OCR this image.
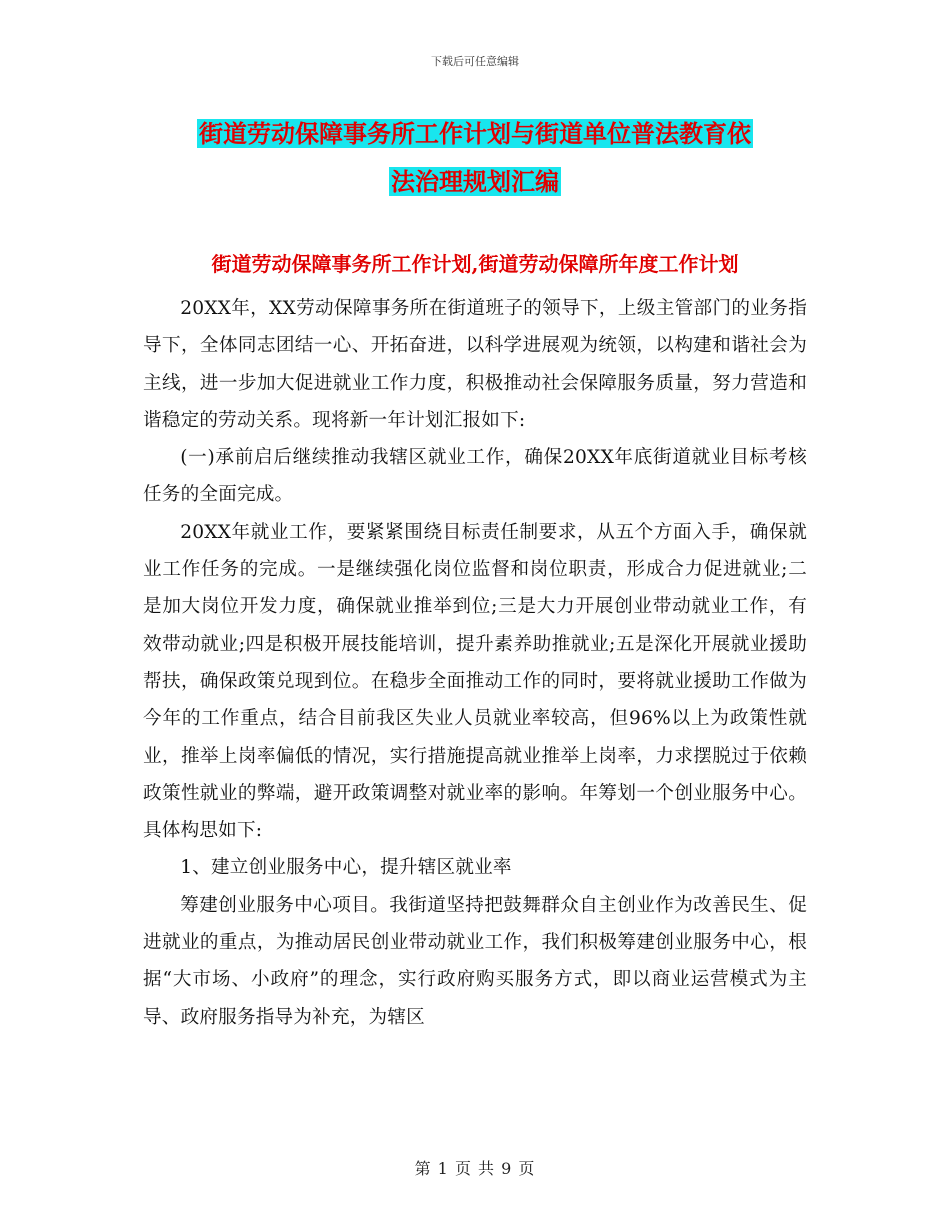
下载后可任意编辑
街道劳动保障事务所工作计划与街道单位普法教育依
法治理规划汇编
街道劳动保障事务所工作计划,街道劳动保障所年度工作计划

20XX年，XX劳动保障事务所在街道班子的领导下，上级主管部门的业务指导下，全体同志团结一心、开拓奋进，以科学进展观为统领，以构建和谐社会为主线，进一步加大促进就业工作力度，积极推动社会保障服务质量，努力营造和谐稳定的劳动关系。现将新一年计划汇报如下:

(一)承前启后继续推动我辖区就业工作，确保20XX年底街道就业目标考核任务的全面完成。

20XX年就业工作，要紧紧围绕目标责任制要求，从五个方面入手，确保就业工作任务的完成。一是继续强化岗位监督和岗位职责，形成合力促进就业;二是加大岗位开发力度，确保就业推举到位;三是大力开展创业带动就业工作，有效带动就业;四是积极开展技能培训，提升素养助推就业;五是深化开展就业援助帮扶，确保政策兑现到位。在稳步全面推动工作的同时，要将就业援助工作做为今年的工作重点，结合目前我区失业人员就业率较高，但96%以上为政策性就业，推举上岗率偏低的情况，实行措施提高就业推举上岗率，力求摆脱过于依赖政策性就业的弊端，避开政策调整对就业率的影响。年筹划一个创业服务中心。具体构思如下:

1、建立创业服务中心，提升辖区就业率

筹建创业服务中心项目。我街道坚持把鼓舞群众自主创业作为改善民生、促进就业的重点，为推动居民创业带动就业工作，我们积极筹建创业服务中心，根据“大市场、小政府”的理念，实行政府购买服务方式，即以商业运营模式为主导、政府服务指导为补充，为辖区

第 1 页 共 9 页
